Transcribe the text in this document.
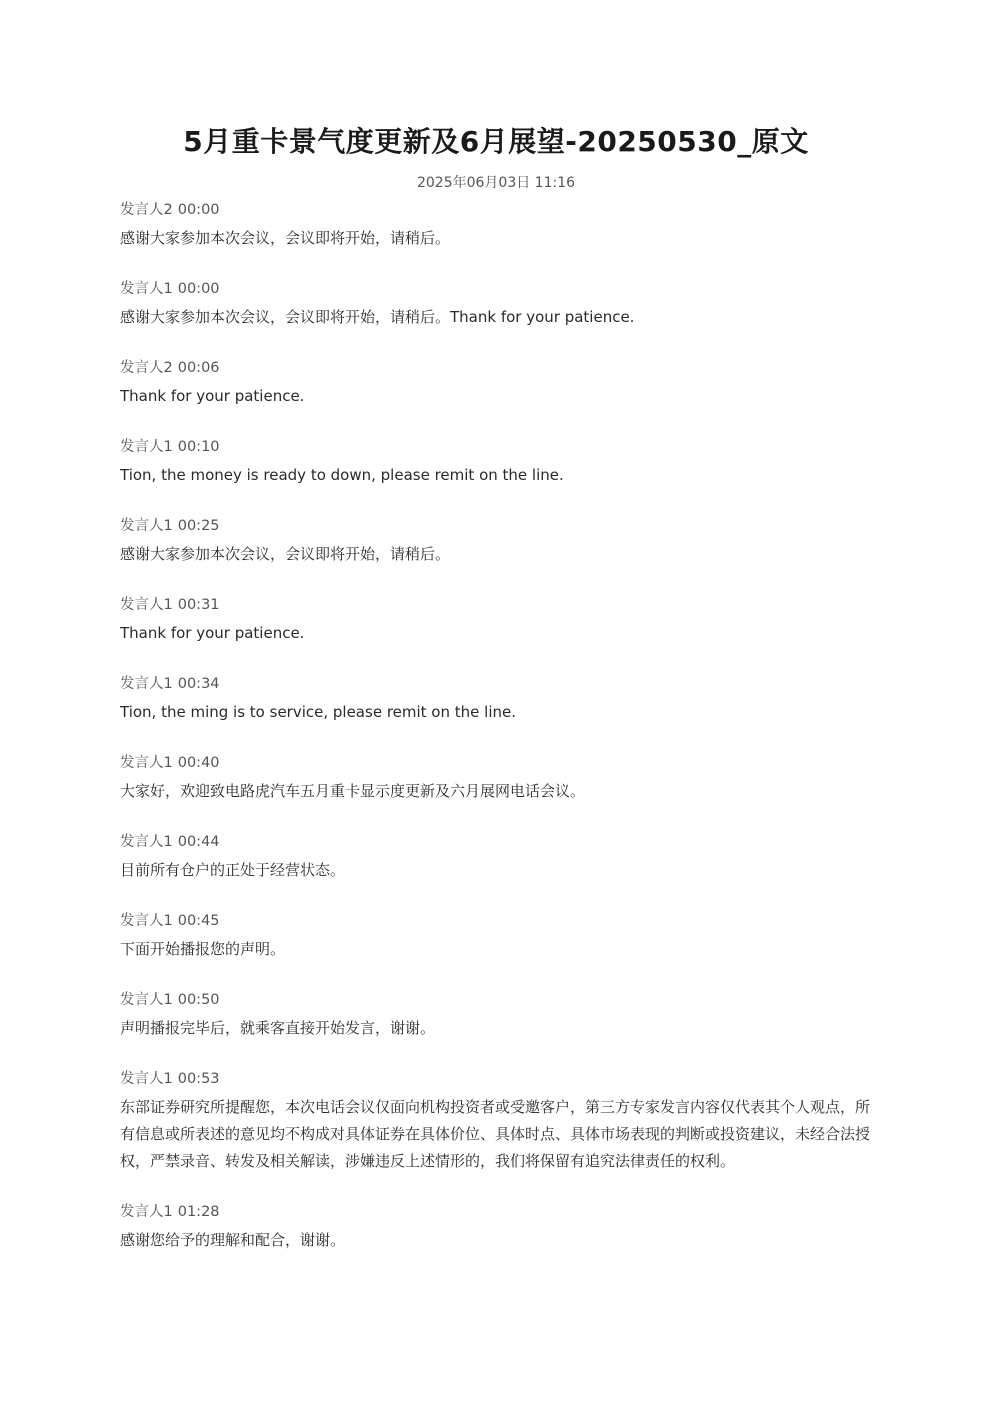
5月重卡景气度更新及6月展望-20250530_原文
2025年06月03日 11:16
发言人2 00:00
感谢大家参加本次会议，会议即将开始，请稍后。
发言人1 00:00
感谢大家参加本次会议，会议即将开始，请稍后。Thank for your patience.
发言人2 00:06
Thank for your patience.
发言人1 00:10
Tion, the money is ready to down, please remit on the line.
发言人1 00:25
感谢大家参加本次会议，会议即将开始，请稍后。
发言人1 00:31
Thank for your patience.
发言人1 00:34
Tion, the ming is to service, please remit on the line.
发言人1 00:40
大家好，欢迎致电路虎汽车五月重卡显示度更新及六月展网电话会议。
发言人1 00:44
目前所有仓户的正处于经营状态。
发言人1 00:45
下面开始播报您的声明。
发言人1 00:50
声明播报完毕后，就乘客直接开始发言，谢谢。
发言人1 00:53
东部证券研究所提醒您，本次电话会议仅面向机构投资者或受邀客户，第三方专家发言内容仅代表其个人观点，所有信息或所表述的意见均不构成对具体证券在具体价位、具体时点、具体市场表现的判断或投资建议，未经合法授权，严禁录音、转发及相关解读，涉嫌违反上述情形的，我们将保留有追究法律责任的权利。
发言人1 01:28
感谢您给予的理解和配合，谢谢。
